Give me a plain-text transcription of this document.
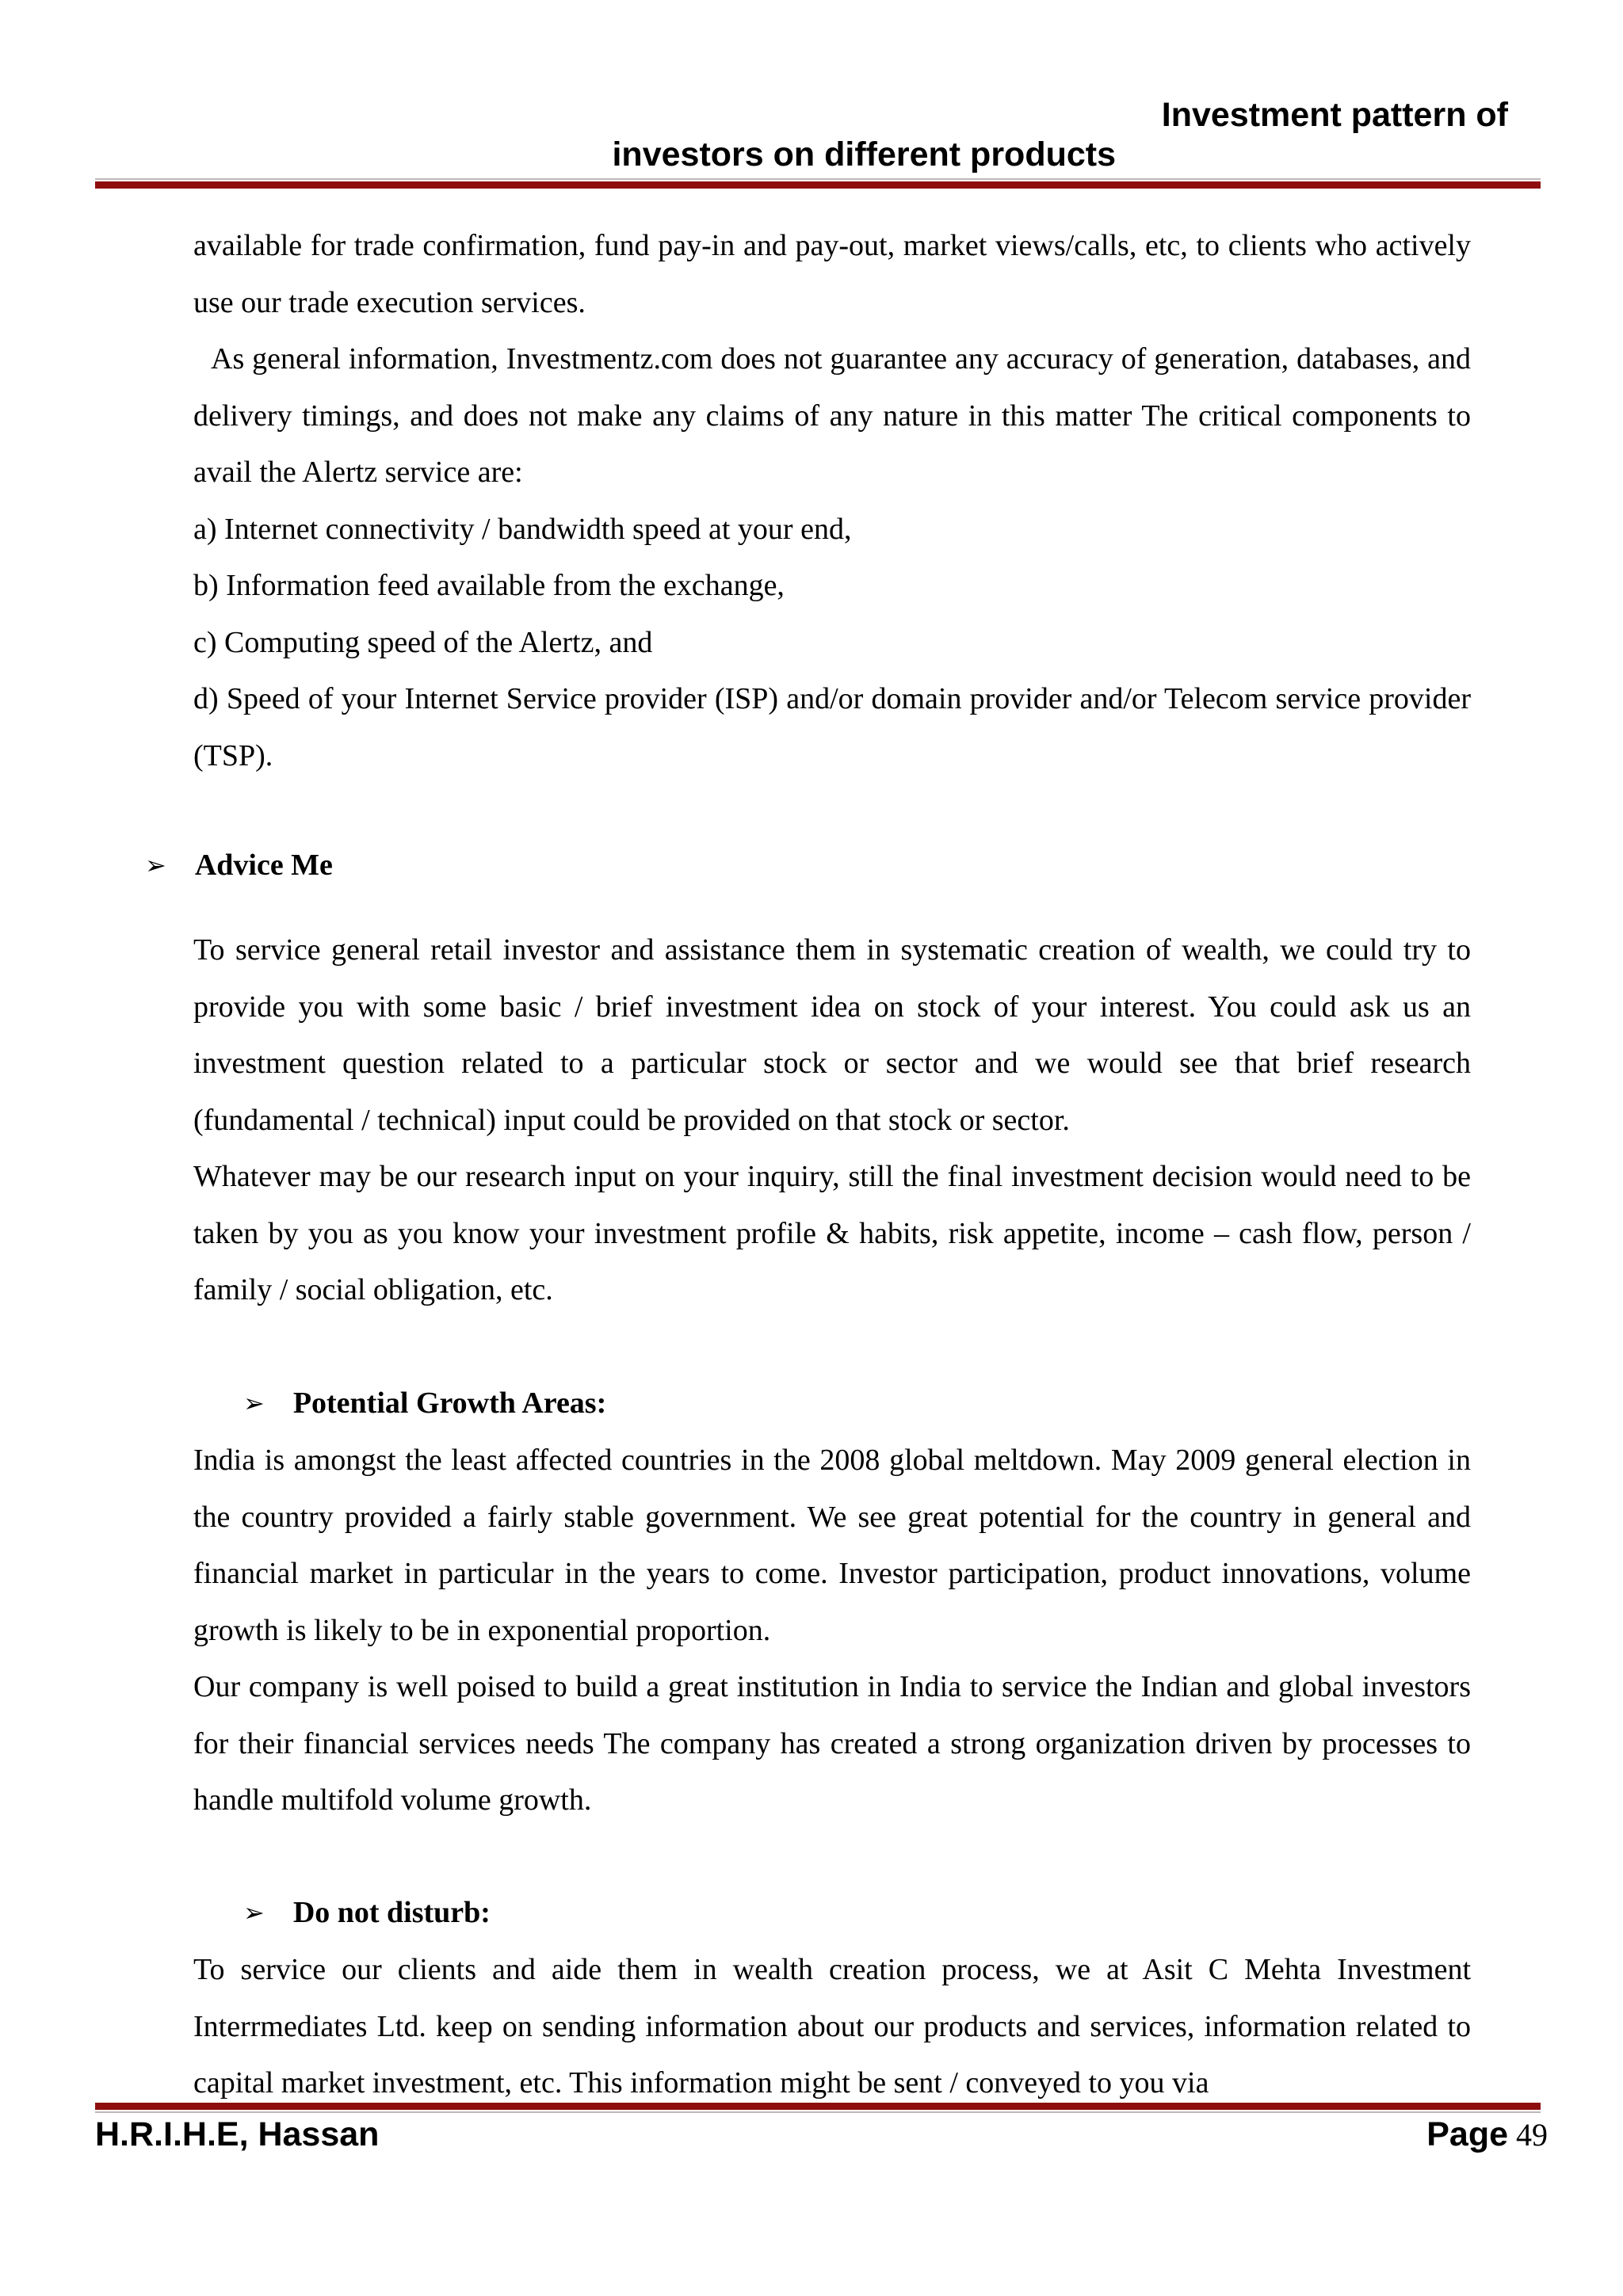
Investment pattern of
investors on different products

available for trade confirmation, fund pay-in and pay-out, market views/calls, etc, to clients who actively use our trade execution services.

As general information, Investmentz.com does not guarantee any accuracy of generation, databases, and delivery timings, and does not make any claims of any nature in this matter The critical components to avail the Alertz service are:

a) Internet connectivity / bandwidth speed at your end,

b) Information feed available from the exchange,

c) Computing speed of the Alertz, and

d) Speed of your Internet Service provider (ISP) and/or domain provider and/or Telecom service provider (TSP).

➢ Advice Me

To service general retail investor and assistance them in systematic creation of wealth, we could try to provide you with some basic / brief investment idea on stock of your interest. You could ask us an investment question related to a particular stock or sector and we would see that brief research (fundamental / technical) input could be provided on that stock or sector.

Whatever may be our research input on your inquiry, still the final investment decision would need to be taken by you as you know your investment profile & habits, risk appetite, income – cash flow, person / family / social obligation, etc.

➢ Potential Growth Areas:

India is amongst the least affected countries in the 2008 global meltdown. May 2009 general election in the country provided a fairly stable government. We see great potential for the country in general and financial market in particular in the years to come. Investor participation, product innovations, volume growth is likely to be in exponential proportion.

Our company is well poised to build a great institution in India to service the Indian and global investors for their financial services needs The company has created a strong organization driven by processes to handle multifold volume growth.

➢ Do not disturb:

To service our clients and aide them in wealth creation process, we at Asit C Mehta Investment Interrmediates Ltd. keep on sending information about our products and services, information related to capital market investment, etc. This information might be sent / conveyed to you via

H.R.I.H.E, Hassan	Page 49
